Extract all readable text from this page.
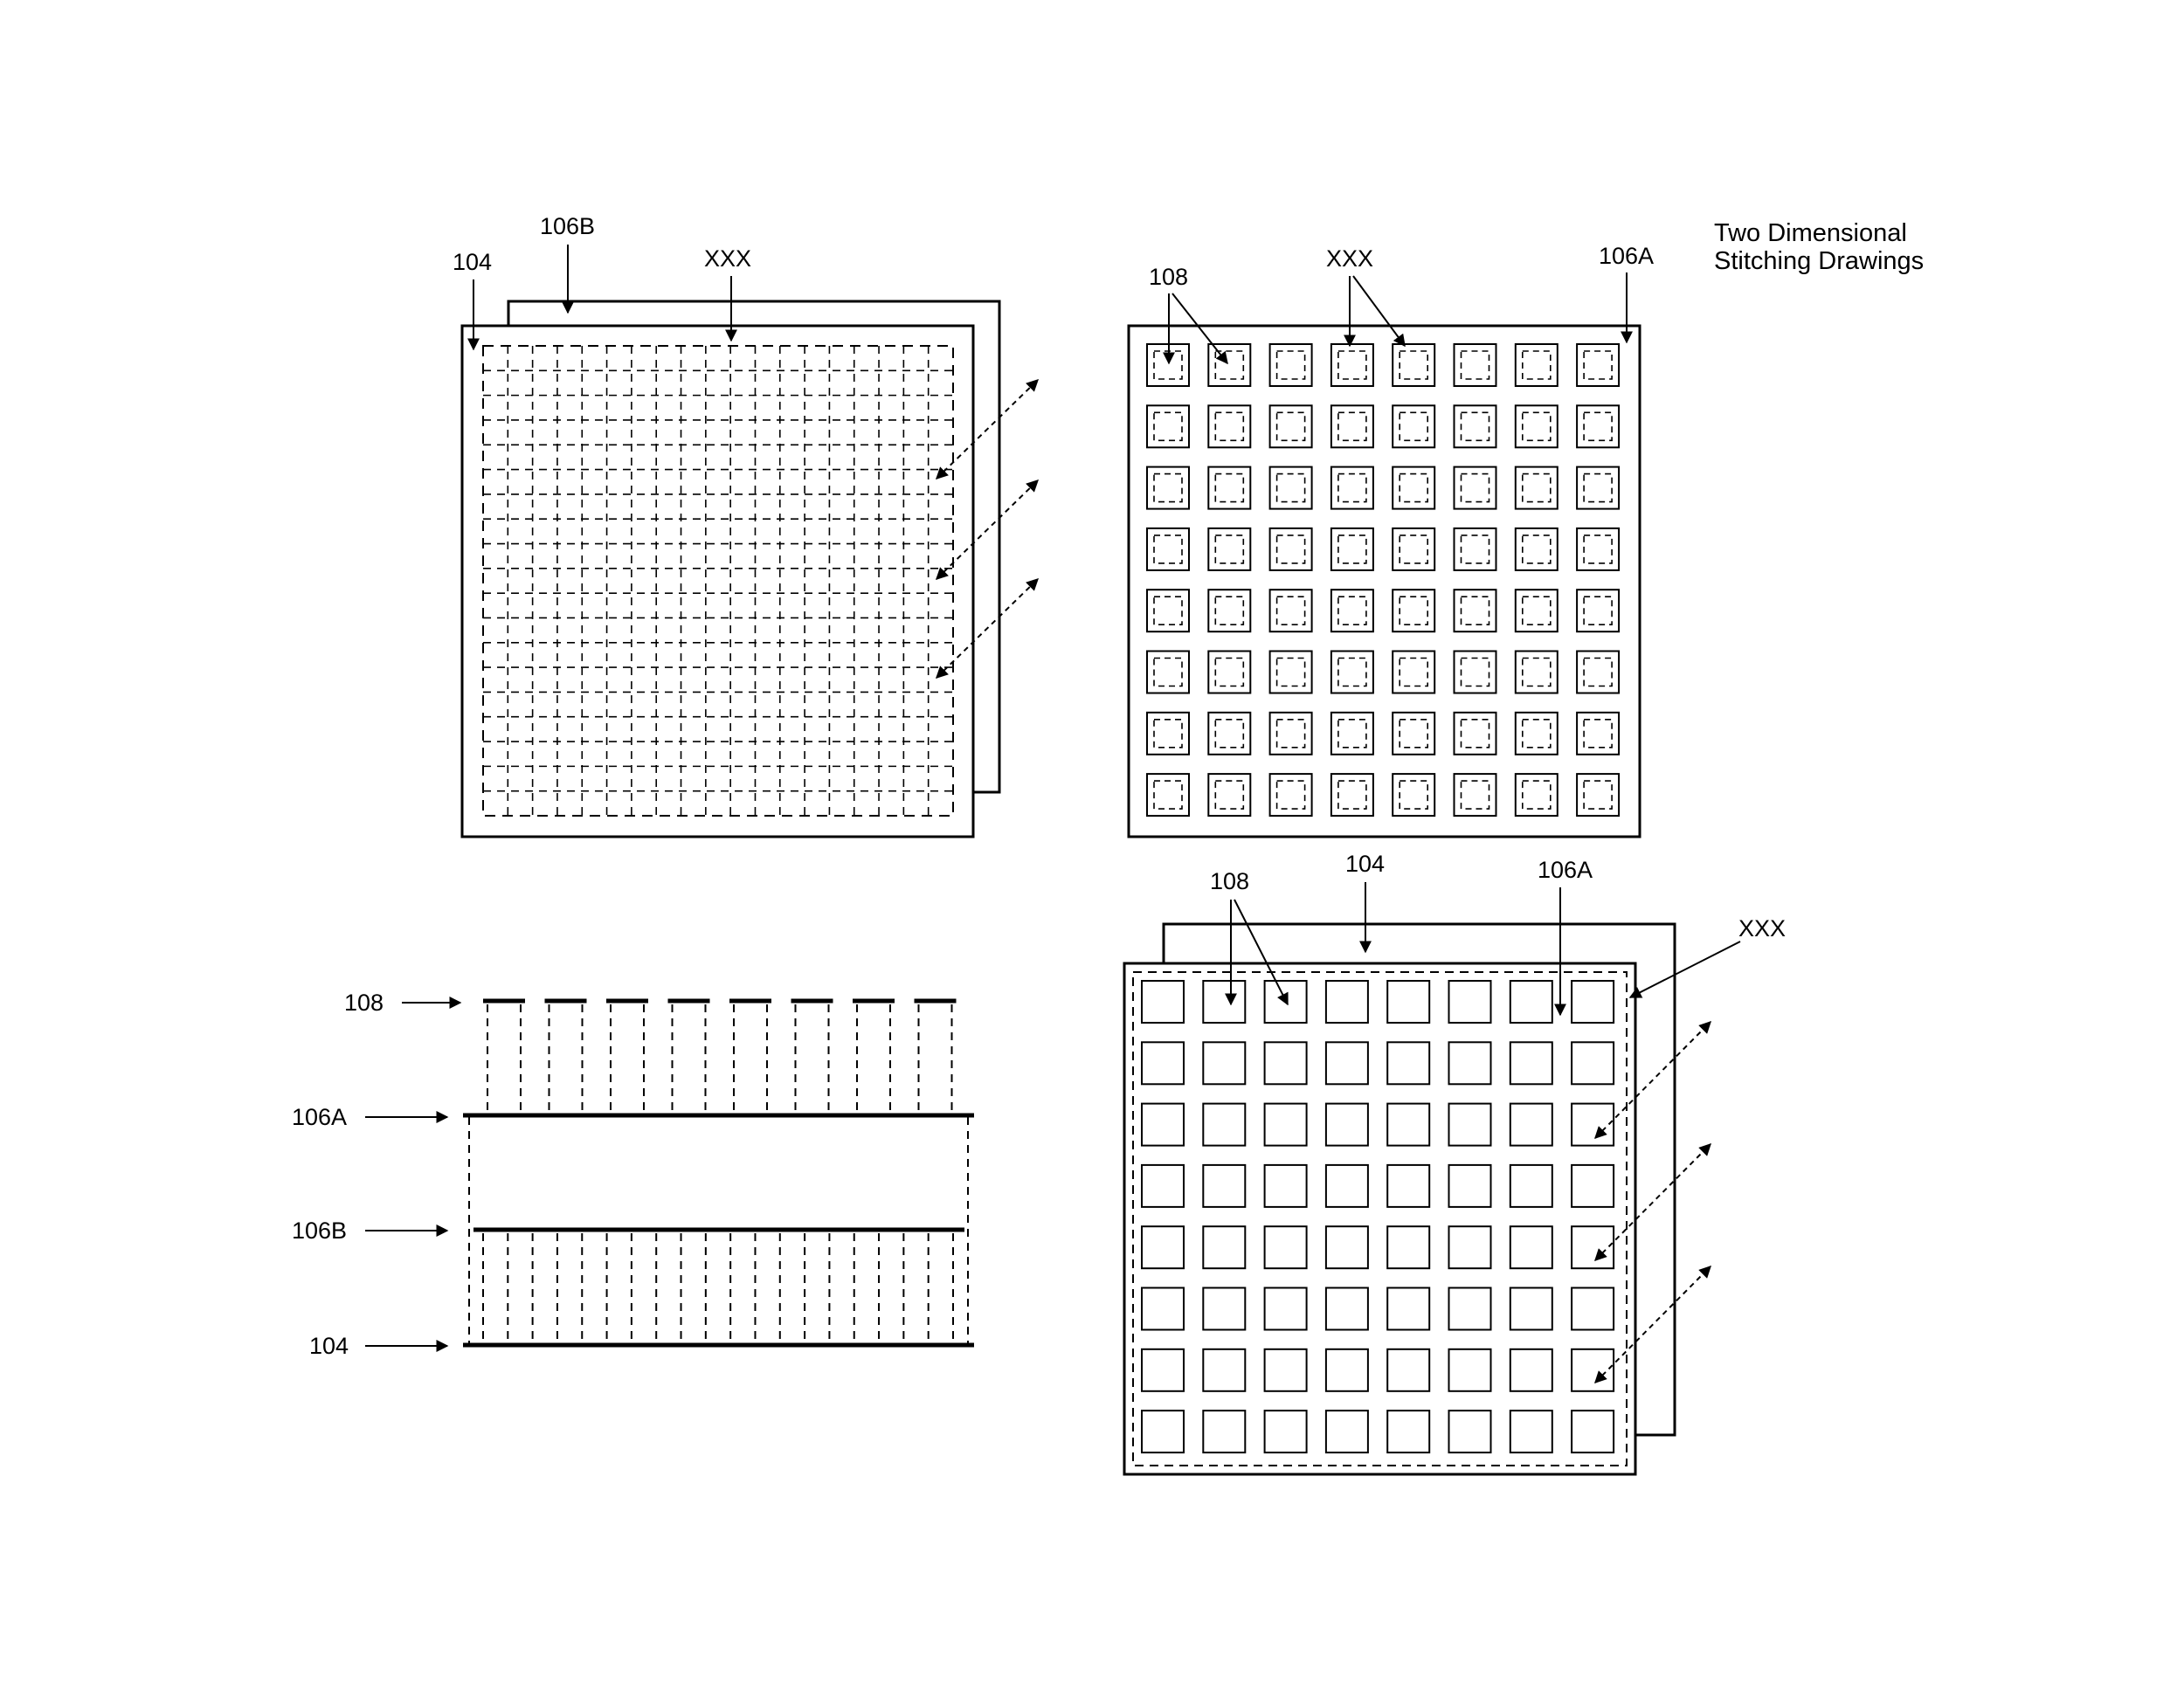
Two Dimensional
Stitching Drawings
104
106B
XXX
108
XXX	106A
108
106A
106B
104
108
104	106A
XXX
